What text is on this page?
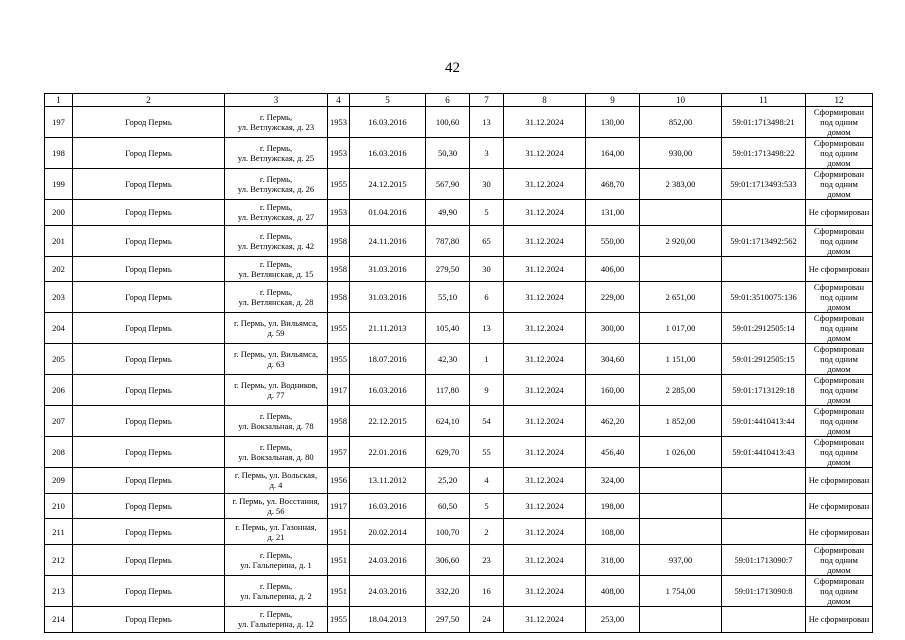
42
1	2	3	4	5	6	7	8	9	10	11	12
197	Город Пермь	г. Пермь,
ул. Ветлужская, д. 23	1953	16.03.2016	100,60	13	31.12.2024	130,00	852,00	59:01:1713498:21	Сформирован
под одним домом
198	Город Пермь	г. Пермь,
ул. Ветлужская, д. 25	1953	16.03.2016	50,30	3	31.12.2024	164,00	930,00	59:01:1713498:22	Сформирован
под одним домом
199	Город Пермь	г. Пермь,
ул. Ветлужская, д. 26	1955	24.12.2015	567,90	30	31.12.2024	468,70	2 383,00	59:01:1713493:533	Сформирован
под одним домом
200	Город Пермь	г. Пермь,
ул. Ветлужская, д. 27	1953	01.04.2016	49,90	5	31.12.2024	131,00			Не сформирован
201	Город Пермь	г. Пермь,
ул. Ветлужская, д. 42	1958	24.11.2016	787,80	65	31.12.2024	550,00	2 920,00	59:01:1713492:562	Сформирован
под одним домом
202	Город Пермь	г. Пермь,
ул. Ветлянская, д. 15	1958	31.03.2016	279,50	30	31.12.2024	406,00			Не сформирован
203	Город Пермь	г. Пермь,
ул. Ветлянская, д. 28	1958	31.03.2016	55,10	6	31.12.2024	229,00	2 651,00	59:01:3510075:136	Сформирован
под одним домом
204	Город Пермь	г. Пермь, ул. Вильямса,
д. 59	1955	21.11.2013	105,40	13	31.12.2024	300,00	1 017,00	59:01:2912505:14	Сформирован
под одним домом
205	Город Пермь	г. Пермь, ул. Вильямса,
д. 63	1955	18.07.2016	42,30	1	31.12.2024	304,60	1 151,00	59:01:2912505:15	Сформирован
под одним домом
206	Город Пермь	г. Пермь, ул. Водников,
д. 77	1917	16.03.2016	117,80	9	31.12.2024	160,00	2 285,00	59:01:1713129:18	Сформирован
под одним домом
207	Город Пермь	г. Пермь,
ул. Вокзальная, д. 78	1958	22.12.2015	624,10	54	31.12.2024	462,20	1 852,00	59:01:4410413:44	Сформирован
под одним домом
208	Город Пермь	г. Пермь,
ул. Вокзальная, д. 80	1957	22.01.2016	629,70	55	31.12.2024	456,40	1 026,00	59:01:4410413:43	Сформирован
под одним домом
209	Город Пермь	г. Пермь, ул. Вольская,
д. 4	1956	13.11.2012	25,20	4	31.12.2024	324,00			Не сформирован
210	Город Пермь	г. Пермь, ул. Восстания,
д. 56	1917	16.03.2016	60,50	5	31.12.2024	198,00			Не сформирован
211	Город Пермь	г. Пермь, ул. Газонная,
д. 21	1951	20.02.2014	100,70	2	31.12.2024	108,00			Не сформирован
212	Город Пермь	г. Пермь,
ул. Гальперина, д. 1	1951	24.03.2016	306,60	23	31.12.2024	318,00	937,00	59:01:1713090:7	Сформирован
под одним домом
213	Город Пермь	г. Пермь,
ул. Гальперина, д. 2	1951	24.03.2016	332,20	16	31.12.2024	408,00	1 754,00	59:01:1713090:8	Сформирован
под одним домом
214	Город Пермь	г. Пермь,
ул. Гальперина, д. 12	1955	18.04.2013	297,50	24	31.12.2024	253,00			Не сформирован
